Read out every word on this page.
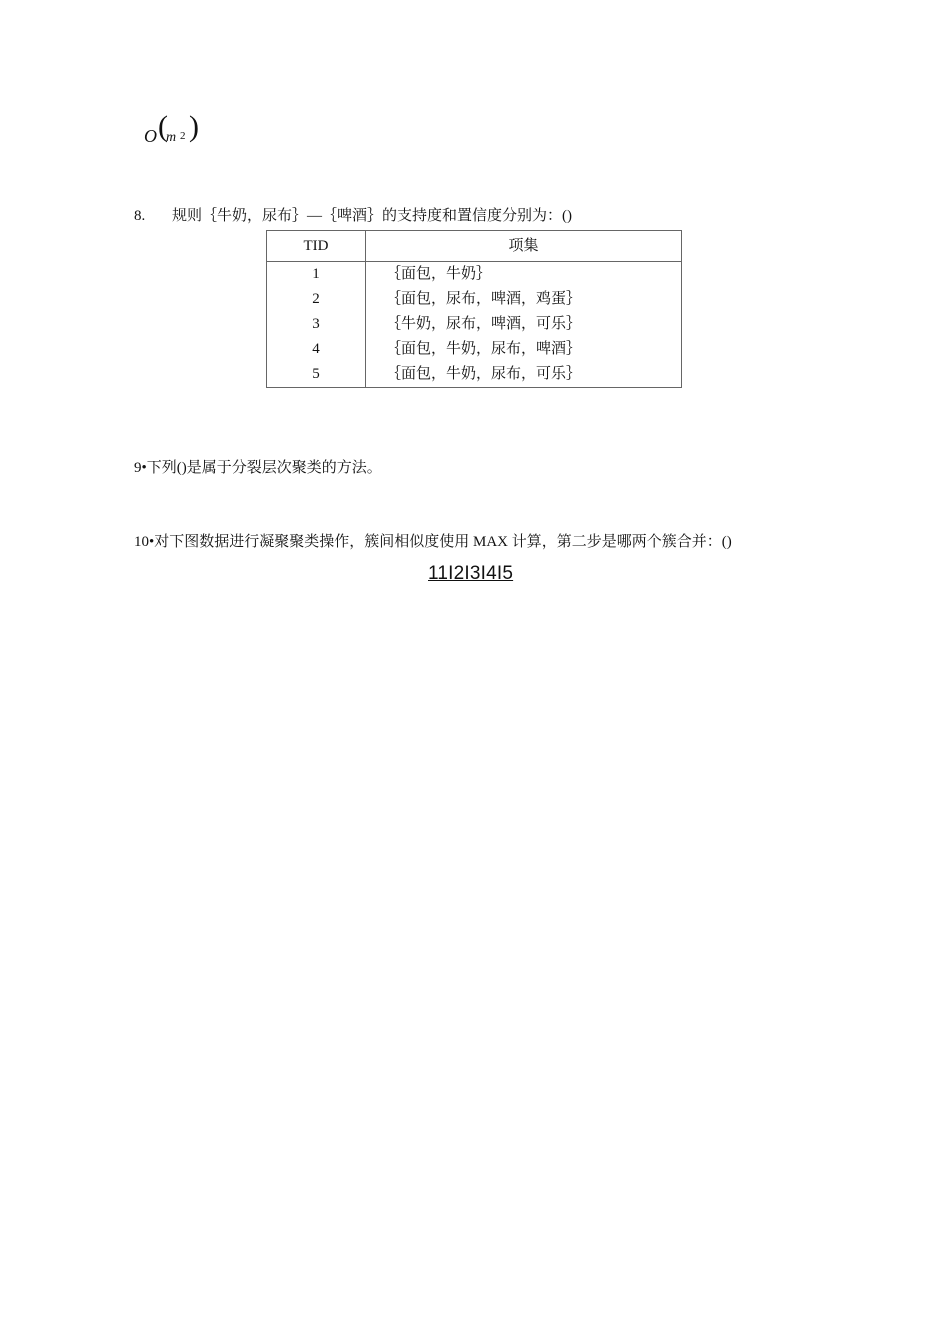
O (
m 2 )
8. 规则｛牛奶，尿布｝—｛啤酒｝的支持度和置信度分别为：()
TID	项集
1	｛面包，牛奶｝
2	｛面包，尿布，啤酒，鸡蛋｝
3	｛牛奶，尿布，啤酒，可乐｝
4	｛面包，牛奶，尿布，啤酒｝
5	｛面包，牛奶，尿布，可乐｝
9•下列()是属于分裂层次聚类的方法。
10•对下图数据进行凝聚聚类操作，簇间相似度使用 MAX 计算，第二步是哪两个簇合并：()
11I2I3I4I5
